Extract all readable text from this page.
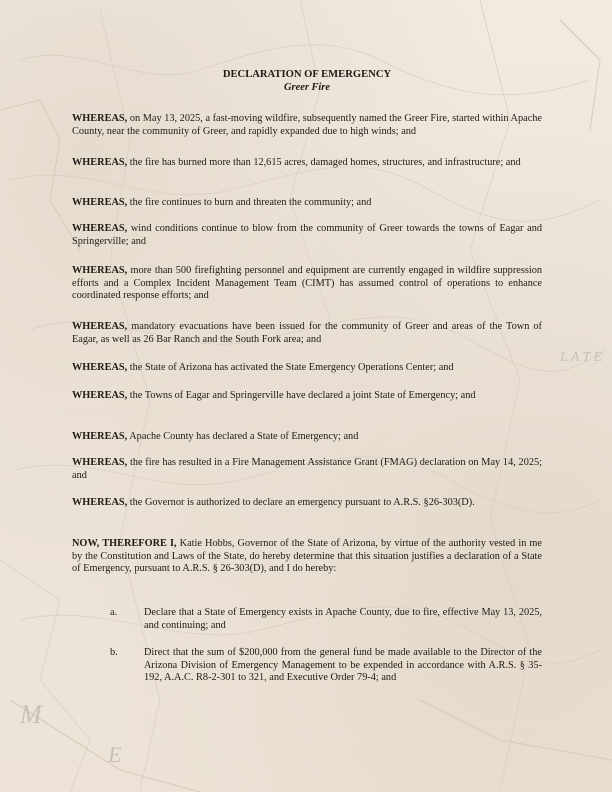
M
E
L A T E
DECLARATION OF EMERGENCY
Greer Fire
WHEREAS, on May 13, 2025, a fast-moving wildfire, subsequently named the Greer Fire, started within Apache County, near the community of Greer, and rapidly expanded due to high winds; and
WHEREAS, the fire has burned more than 12,615 acres, damaged homes, structures, and infrastructure; and
WHEREAS, the fire continues to burn and threaten the community; and
WHEREAS, wind conditions continue to blow from the community of Greer towards the towns of Eagar and Springerville; and
WHEREAS, more than 500 firefighting personnel and equipment are currently engaged in wildfire suppression efforts and a Complex Incident Management Team (CIMT) has assumed control of operations to enhance coordinated response efforts; and
WHEREAS, mandatory evacuations have been issued for the community of Greer and areas of the Town of Eagar, as well as 26 Bar Ranch and the South Fork area; and
WHEREAS, the State of Arizona has activated the State Emergency Operations Center; and
WHEREAS, the Towns of Eagar and Springerville have declared a joint State of Emergency; and
WHEREAS, Apache County has declared a State of Emergency; and
WHEREAS, the fire has resulted in a Fire Management Assistance Grant (FMAG) declaration on May 14, 2025; and
WHEREAS, the Governor is authorized to declare an emergency pursuant to A.R.S. §26-303(D).
NOW, THEREFORE I, Katie Hobbs, Governor of the State of Arizona, by virtue of the authority vested in me by the Constitution and Laws of the State, do hereby determine that this situation justifies a declaration of a State of Emergency, pursuant to A.R.S. § 26-303(D), and I do hereby:
a.	Declare that a State of Emergency exists in Apache County, due to fire, effective May 13, 2025, and continuing; and
b.	Direct that the sum of $200,000 from the general fund be made available to the Director of the Arizona Division of Emergency Management to be expended in accordance with A.R.S. § 35-192, A.A.C. R8-2-301 to 321, and Executive Order 79-4; and
